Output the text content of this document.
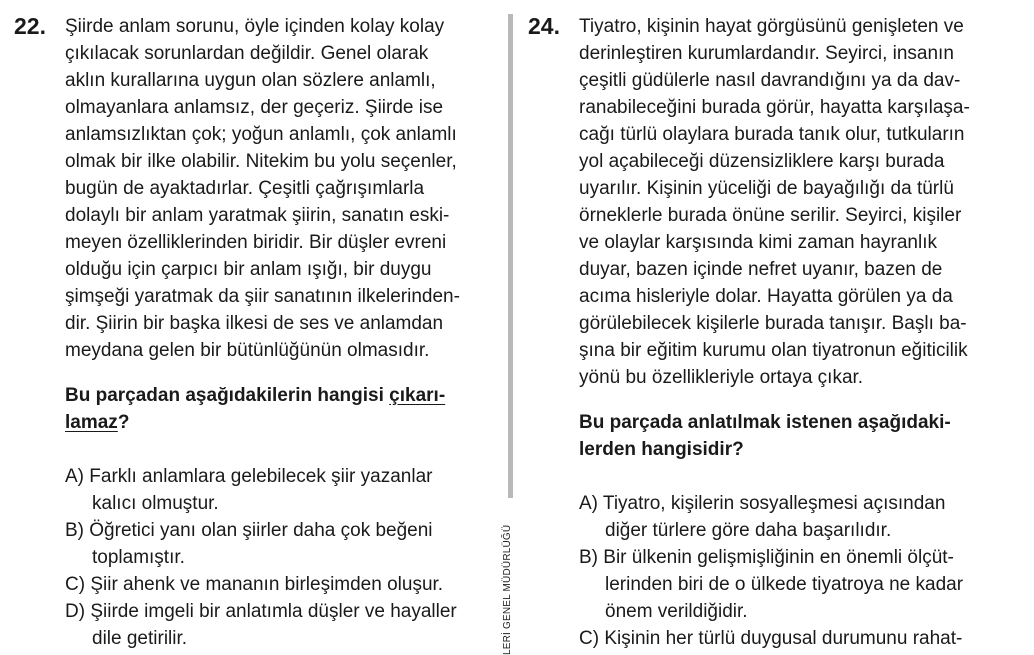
22. Şiirde anlam sorunu, öyle içinden kolay kolay
çıkılacak sorunlardan değildir. Genel olarak
aklın kurallarına uygun olan sözlere anlamlı,
olmayanlara anlamsız, der geçeriz. Şiirde ise
anlamsızlıktan çok; yoğun anlamlı, çok anlamlı
olmak bir ilke olabilir. Nitekim bu yolu seçenler,
bugün de ayaktadırlar. Çeşitli çağrışımlarla
dolaylı bir anlam yaratmak şiirin, sanatın eski-
meyen özelliklerinden biridir. Bir düşler evreni
olduğu için çarpıcı bir anlam ışığı, bir duygu
şimşeği yaratmak da şiir sanatının ilkelerinden-
dir. Şiirin bir başka ilkesi de ses ve anlamdan
meydana gelen bir bütünlüğünün olmasıdır.
Bu parçadan aşağıdakilerin hangisi çıkarı-
lamaz?
A) Farklı anlamlara gelebilecek şiir yazanlar
kalıcı olmuştur.
B) Öğretici yanı olan şiirler daha çok beğeni
toplamıştır.
C) Şiir ahenk ve mananın birleşimden oluşur.
D) Şiirde imgeli bir anlatımla düşler ve hayaller
dile getirilir.	LERİ GENEL MÜDÜRLÜĞÜ
24. Tiyatro, kişinin hayat görgüsünü genişleten ve
derinleştiren kurumlardandır. Seyirci, insanın
çeşitli güdülerle nasıl davrandığını ya da dav-
ranabileceğini burada görür, hayatta karşılaşa-
cağı türlü olaylara burada tanık olur, tutkuların
yol açabileceği düzensizliklere karşı burada
uyarılır. Kişinin yüceliği de bayağılığı da türlü
örneklerle burada önüne serilir. Seyirci, kişiler
ve olaylar karşısında kimi zaman hayranlık
duyar, bazen içinde nefret uyanır, bazen de
acıma hisleriyle dolar. Hayatta görülen ya da
görülebilecek kişilerle burada tanışır. Başlı ba-
şına bir eğitim kurumu olan tiyatronun eğiticilik
yönü bu özellikleriyle ortaya çıkar.
Bu parçada anlatılmak istenen aşağıdaki-
lerden hangisidir?
A) Tiyatro, kişilerin sosyalleşmesi açısından
diğer türlere göre daha başarılıdır.
B) Bir ülkenin gelişmişliğinin en önemli ölçüt-
lerinden biri de o ülkede tiyatroya ne kadar
önem verildiğidir.
C) Kişinin her türlü duygusal durumunu rahat-
